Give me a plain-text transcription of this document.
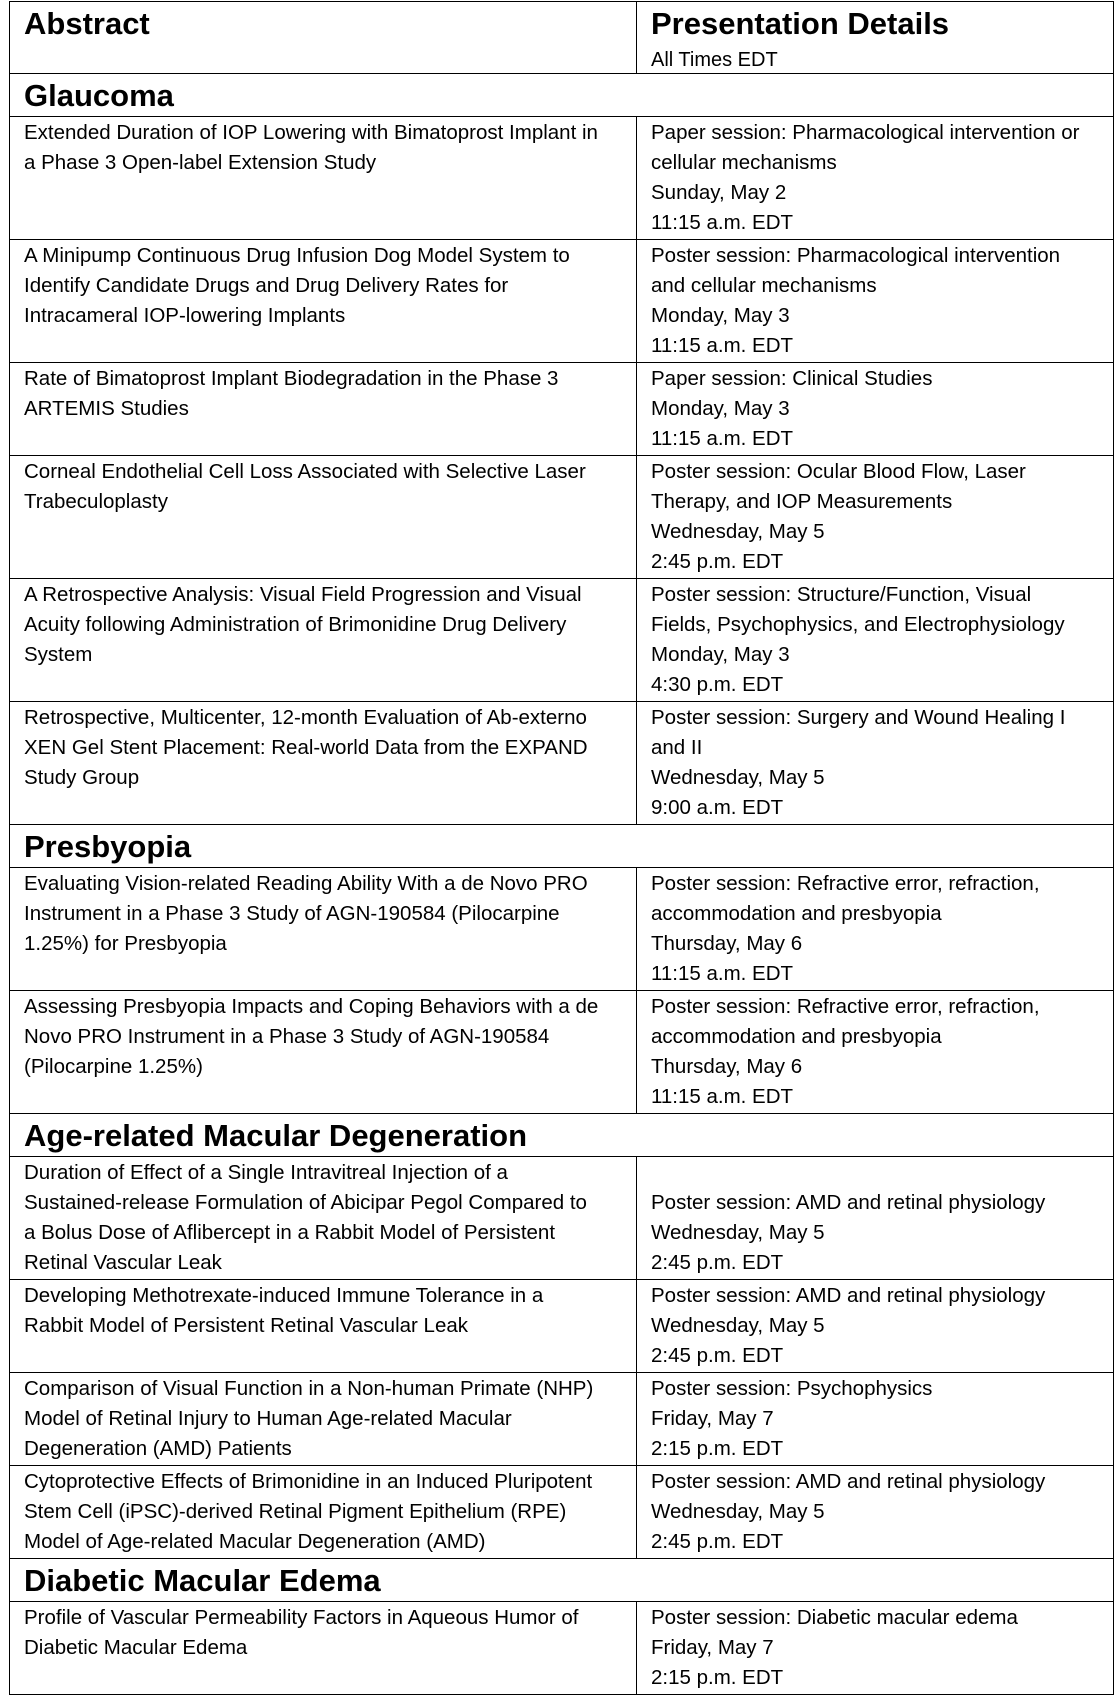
Abstract	Presentation Details
All Times EDT

Glaucoma	

Extended Duration of IOP Lowering with Bimatoprost Implant in
a Phase 3 Open-label Extension Study	Paper session: Pharmacological intervention or
cellular mechanisms
Sunday, May 2
11:15 a.m. EDT

A Minipump Continuous Drug Infusion Dog Model System to
Identify Candidate Drugs and Drug Delivery Rates for
Intracameral IOP-lowering Implants	Poster session: Pharmacological intervention
and cellular mechanisms
Monday, May 3
11:15 a.m. EDT

Rate of Bimatoprost Implant Biodegradation in the Phase 3
ARTEMIS Studies	Paper session: Clinical Studies
Monday, May 3
11:15 a.m. EDT

Corneal Endothelial Cell Loss Associated with Selective Laser
Trabeculoplasty	Poster session: Ocular Blood Flow, Laser
Therapy, and IOP Measurements
Wednesday, May 5
2:45 p.m. EDT

A Retrospective Analysis: Visual Field Progression and Visual
Acuity following Administration of Brimonidine Drug Delivery
System	Poster session: Structure/Function, Visual
Fields, Psychophysics, and Electrophysiology
Monday, May 3
4:30 p.m. EDT

Retrospective, Multicenter, 12-month Evaluation of Ab-externo
XEN Gel Stent Placement: Real-world Data from the EXPAND
Study Group	Poster session: Surgery and Wound Healing I
and II
Wednesday, May 5
9:00 a.m. EDT

Presbyopia	

Evaluating Vision-related Reading Ability With a de Novo PRO
Instrument in a Phase 3 Study of AGN-190584 (Pilocarpine
1.25%) for Presbyopia	Poster session: Refractive error, refraction,
accommodation and presbyopia
Thursday, May 6
11:15 a.m. EDT

Assessing Presbyopia Impacts and Coping Behaviors with a de
Novo PRO Instrument in a Phase 3 Study of AGN-190584
(Pilocarpine 1.25%)	Poster session: Refractive error, refraction,
accommodation and presbyopia
Thursday, May 6
11:15 a.m. EDT

Age-related Macular Degeneration	

Duration of Effect of a Single Intravitreal Injection of a
Sustained-release Formulation of Abicipar Pegol Compared to
a Bolus Dose of Aflibercept in a Rabbit Model of Persistent
Retinal Vascular Leak	Poster session: AMD and retinal physiology
Wednesday, May 5
2:45 p.m. EDT

Developing Methotrexate-induced Immune Tolerance in a
Rabbit Model of Persistent Retinal Vascular Leak	Poster session: AMD and retinal physiology
Wednesday, May 5
2:45 p.m. EDT

Comparison of Visual Function in a Non-human Primate (NHP)
Model of Retinal Injury to Human Age-related Macular
Degeneration (AMD) Patients	Poster session: Psychophysics
Friday, May 7
2:15 p.m. EDT

Cytoprotective Effects of Brimonidine in an Induced Pluripotent
Stem Cell (iPSC)-derived Retinal Pigment Epithelium (RPE)
Model of Age-related Macular Degeneration (AMD)	Poster session: AMD and retinal physiology
Wednesday, May 5
2:45 p.m. EDT

Diabetic Macular Edema	

Profile of Vascular Permeability Factors in Aqueous Humor of
Diabetic Macular Edema	Poster session: Diabetic macular edema
Friday, May 7
2:15 p.m. EDT
